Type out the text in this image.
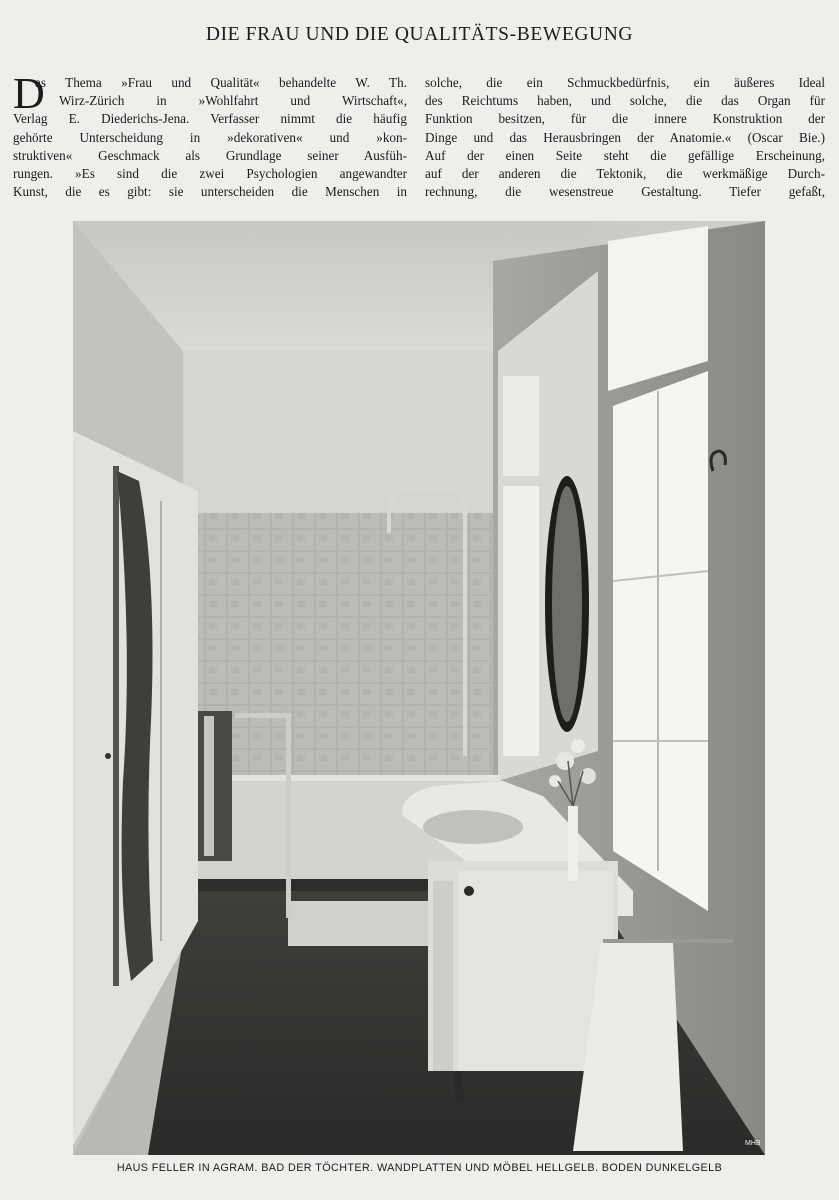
DIE FRAU UND DIE QUALITÄTS-BEWEGUNG
D
as Thema »Frau und Qualität« behandelte W. Th.
Wirz-Zürich in »Wohlfahrt und Wirtschaft«,
Verlag E. Diederichs-Jena. Verfasser nimmt die häufig
gehörte Unterscheidung in »dekorativen« und »kon-
struktiven« Geschmack als Grundlage seiner Ausfüh-
rungen. »Es sind die zwei Psychologien angewandter
Kunst, die es gibt: sie unterscheiden die Menschen in
solche, die ein Schmuckbedürfnis, ein äußeres Ideal
des Reichtums haben, und solche, die das Organ für
Funktion besitzen, für die innere Konstruktion der
Dinge und das Herausbringen der Anatomie.« (Oscar Bie.)
Auf der einen Seite steht die gefällige Erscheinung,
auf der anderen die Tektonik, die werkmäßige Durch-
rechnung, die wesenstreue Gestaltung. Tiefer gefaßt,
MHB
HAUS FELLER IN AGRAM. BAD DER TÖCHTER. WANDPLATTEN UND MÖBEL HELLGELB. BODEN DUNKELGELB
